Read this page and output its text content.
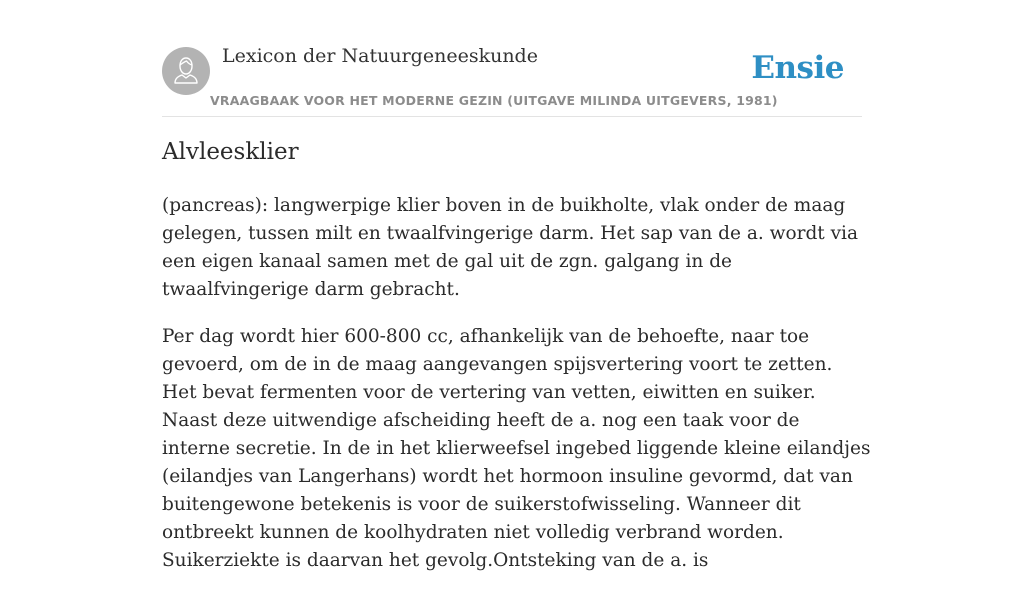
Lexicon der Natuurgeneeskunde
VRAAGBAAK VOOR HET MODERNE GEZIN (UITGAVE MILINDA UITGEVERS, 1981)
Ensie
Alvleesklier

(pancreas): langwerpige klier boven in de buikholte, vlak onder de maag gelegen, tussen milt en twaalfvingerige darm. Het sap van de a. wordt via een eigen kanaal samen met de gal uit de zgn. galgang in de twaalfvingerige darm gebracht.

Per dag wordt hier 600-800 cc, afhankelijk van de behoefte, naar toe gevoerd, om de in de maag aangevangen spijsvertering voort te zetten. Het bevat fermenten voor de vertering van vetten, eiwitten en suiker. Naast deze uitwendige afscheiding heeft de a. nog een taak voor de interne secretie. In de in het klierweefsel ingebed liggende kleine eilandjes (eilandjes van Langerhans) wordt het hormoon insuline gevormd, dat van buitengewone betekenis is voor de suikerstofwisseling. Wanneer dit ontbreekt kunnen de koolhydraten niet volledig verbrand worden. Suikerziekte is daarvan het gevolg.Ontsteking van de a. is
